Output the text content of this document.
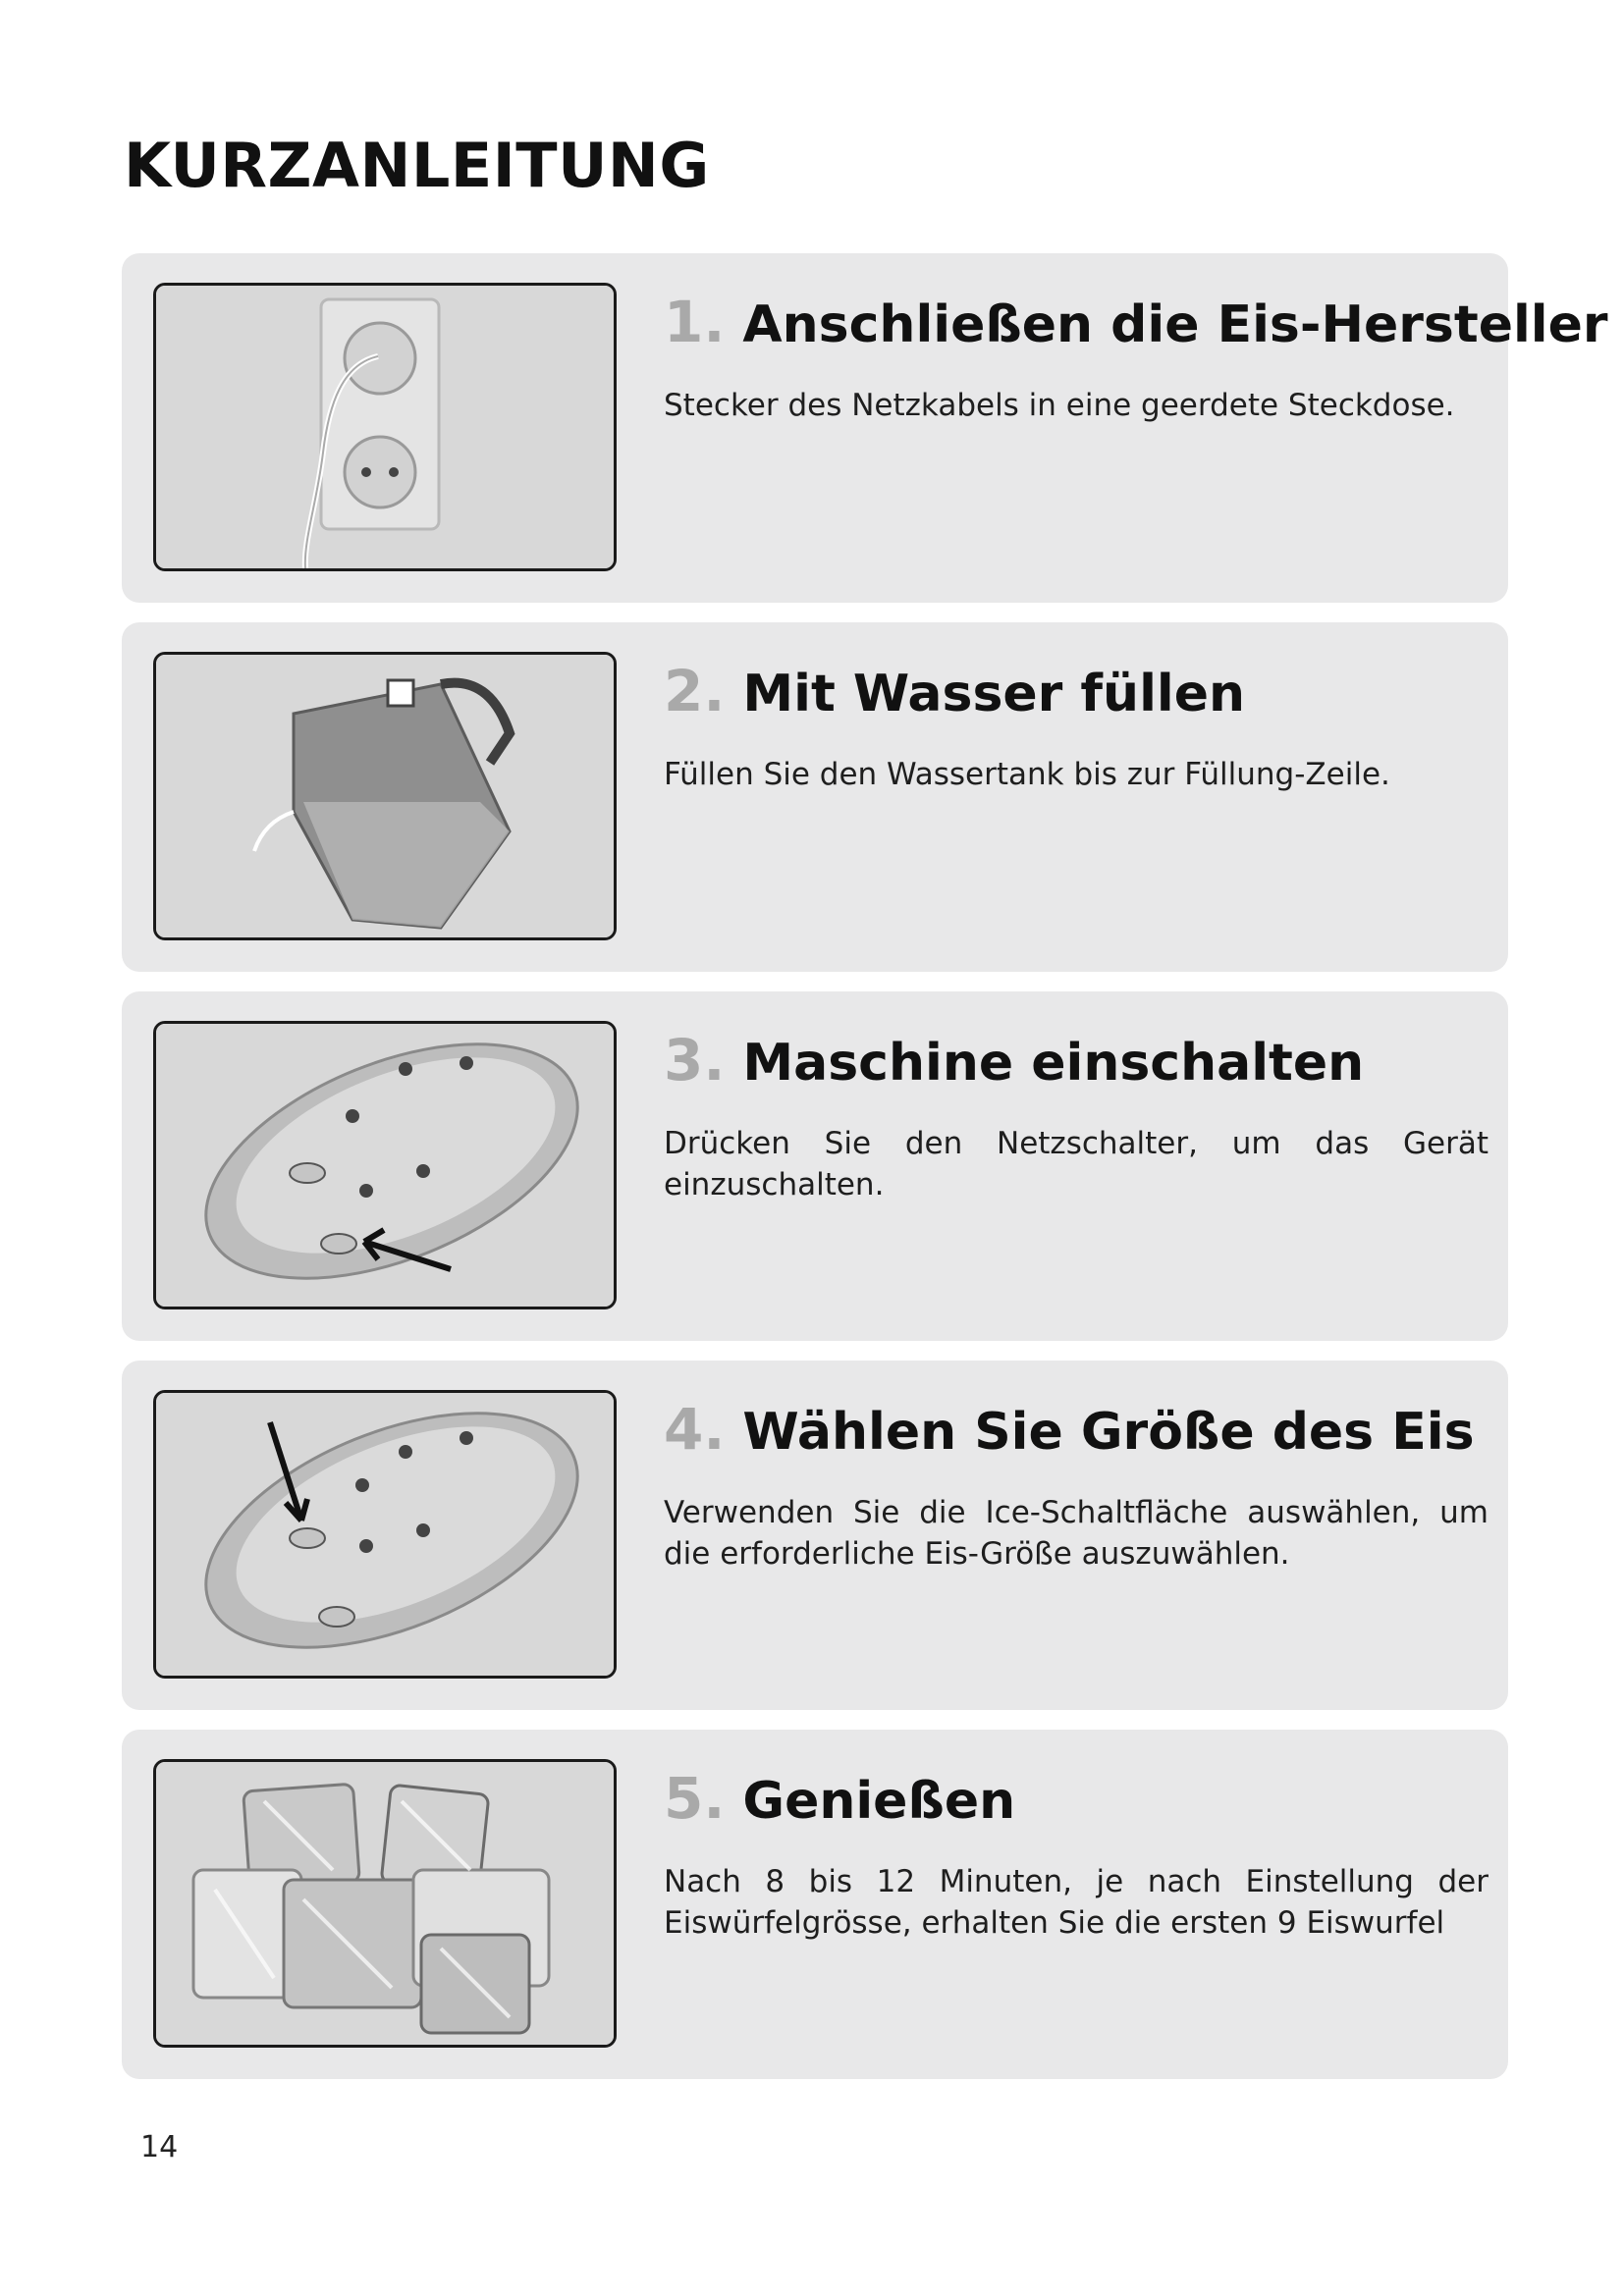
KURZANLEITUNG
1. Anschließen die Eis-Hersteller

Stecker des Netzkabels in eine geerdete Steckdose.

2. Mit Wasser füllen

Füllen Sie den Wassertank bis zur Füllung-Zeile.

3. Maschine einschalten

Drücken Sie den Netzschalter, um das Gerät einzuschalten.

4. Wählen Sie Größe des Eis

Verwenden Sie die Ice-Schaltfläche auswählen, um die erforderliche Eis-Größe auszuwählen.

5. Genießen

Nach 8 bis 12 Minuten, je nach Einstellung der Eiswürfelgrösse, erhalten Sie die ersten 9 Eiswurfel

14
